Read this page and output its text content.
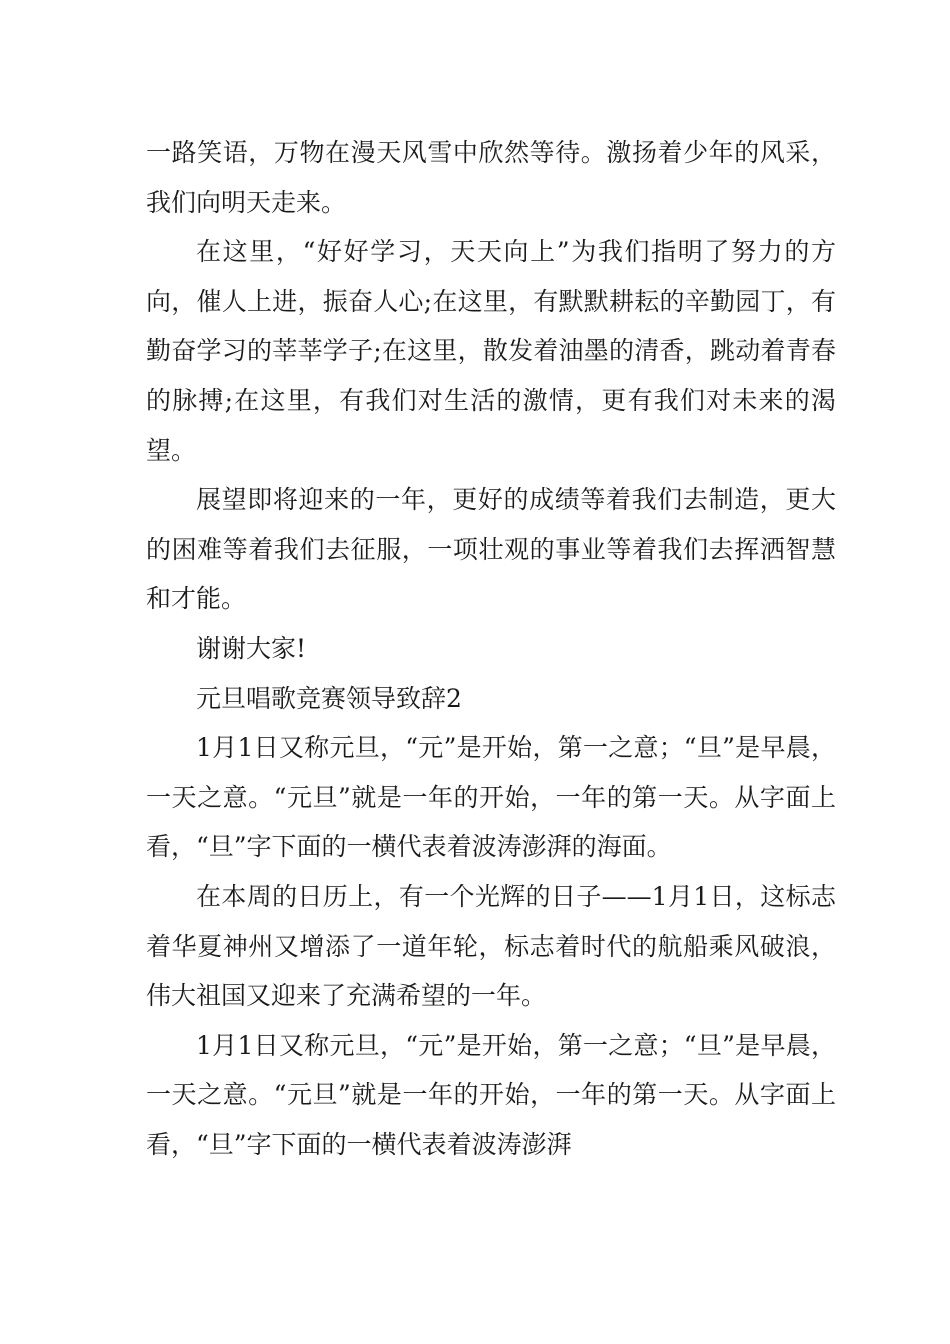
一路笑语，万物在漫天风雪中欣然等待。激扬着少年的风采，我们向明天走来。

在这里，“好好学习，天天向上”为我们指明了努力的方向，催人上进，振奋人心;在这里，有默默耕耘的辛勤园丁，有勤奋学习的莘莘学子;在这里，散发着油墨的清香，跳动着青春的脉搏;在这里，有我们对生活的激情，更有我们对未来的渴望。

展望即将迎来的一年，更好的成绩等着我们去制造，更大的困难等着我们去征服，一项壮观的事业等着我们去挥洒智慧和才能。

谢谢大家!

元旦唱歌竞赛领导致辞2

1月1日又称元旦，“元”是开始，第一之意；“旦”是早晨，一天之意。“元旦”就是一年的开始，一年的第一天。从字面上看，“旦”字下面的一横代表着波涛澎湃的海面。

在本周的日历上，有一个光辉的日子——1月1日，这标志着华夏神州又增添了一道年轮，标志着时代的航船乘风破浪，伟大祖国又迎来了充满希望的一年。

1月1日又称元旦，“元”是开始，第一之意；“旦”是早晨，一天之意。“元旦”就是一年的开始，一年的第一天。从字面上看，“旦”字下面的一横代表着波涛澎湃
